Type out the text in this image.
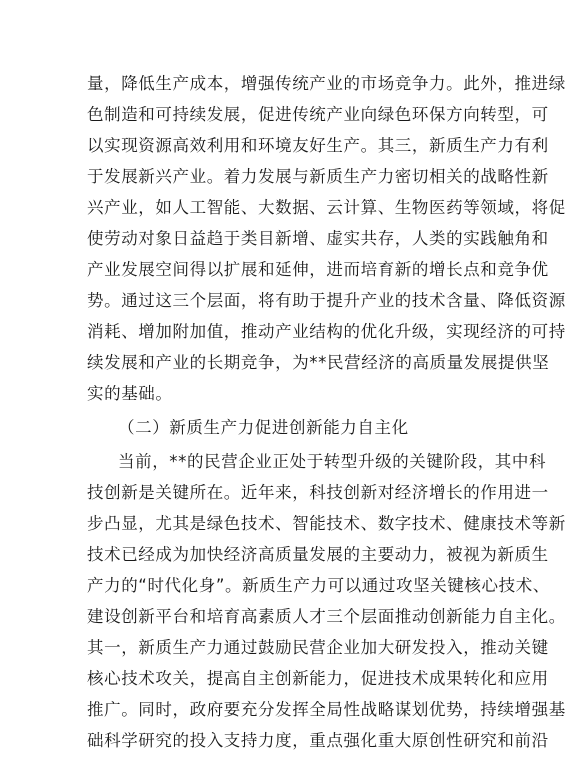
量，降低生产成本，增强传统产业的市场竞争力。此外，推进绿
色制造和可持续发展，促进传统产业向绿色环保方向转型，可
以实现资源高效利用和环境友好生产。其三，新质生产力有利
于发展新兴产业。着力发展与新质生产力密切相关的战略性新
兴产业，如人工智能、大数据、云计算、生物医药等领域，将促
使劳动对象日益趋于类目新增、虚实共存，人类的实践触角和
产业发展空间得以扩展和延伸，进而培育新的增长点和竞争优
势。通过这三个层面，将有助于提升产业的技术含量、降低资源
消耗、增加附加值，推动产业结构的优化升级，实现经济的可持
续发展和产业的长期竞争，为**民营经济的高质量发展提供坚
实的基础。
（二）新质生产力促进创新能力自主化
当前，**的民营企业正处于转型升级的关键阶段，其中科
技创新是关键所在。近年来，科技创新对经济增长的作用进一
步凸显，尤其是绿色技术、智能技术、数字技术、健康技术等新
技术已经成为加快经济高质量发展的主要动力，被视为新质生
产力的“时代化身”。新质生产力可以通过攻坚关键核心技术、
建设创新平台和培育高素质人才三个层面推动创新能力自主化。
其一，新质生产力通过鼓励民营企业加大研发投入，推动关键
核心技术攻关，提高自主创新能力，促进技术成果转化和应用
推广。同时，政府要充分发挥全局性战略谋划优势，持续增强基
础科学研究的投入支持力度，重点强化重大原创性研究和前沿
